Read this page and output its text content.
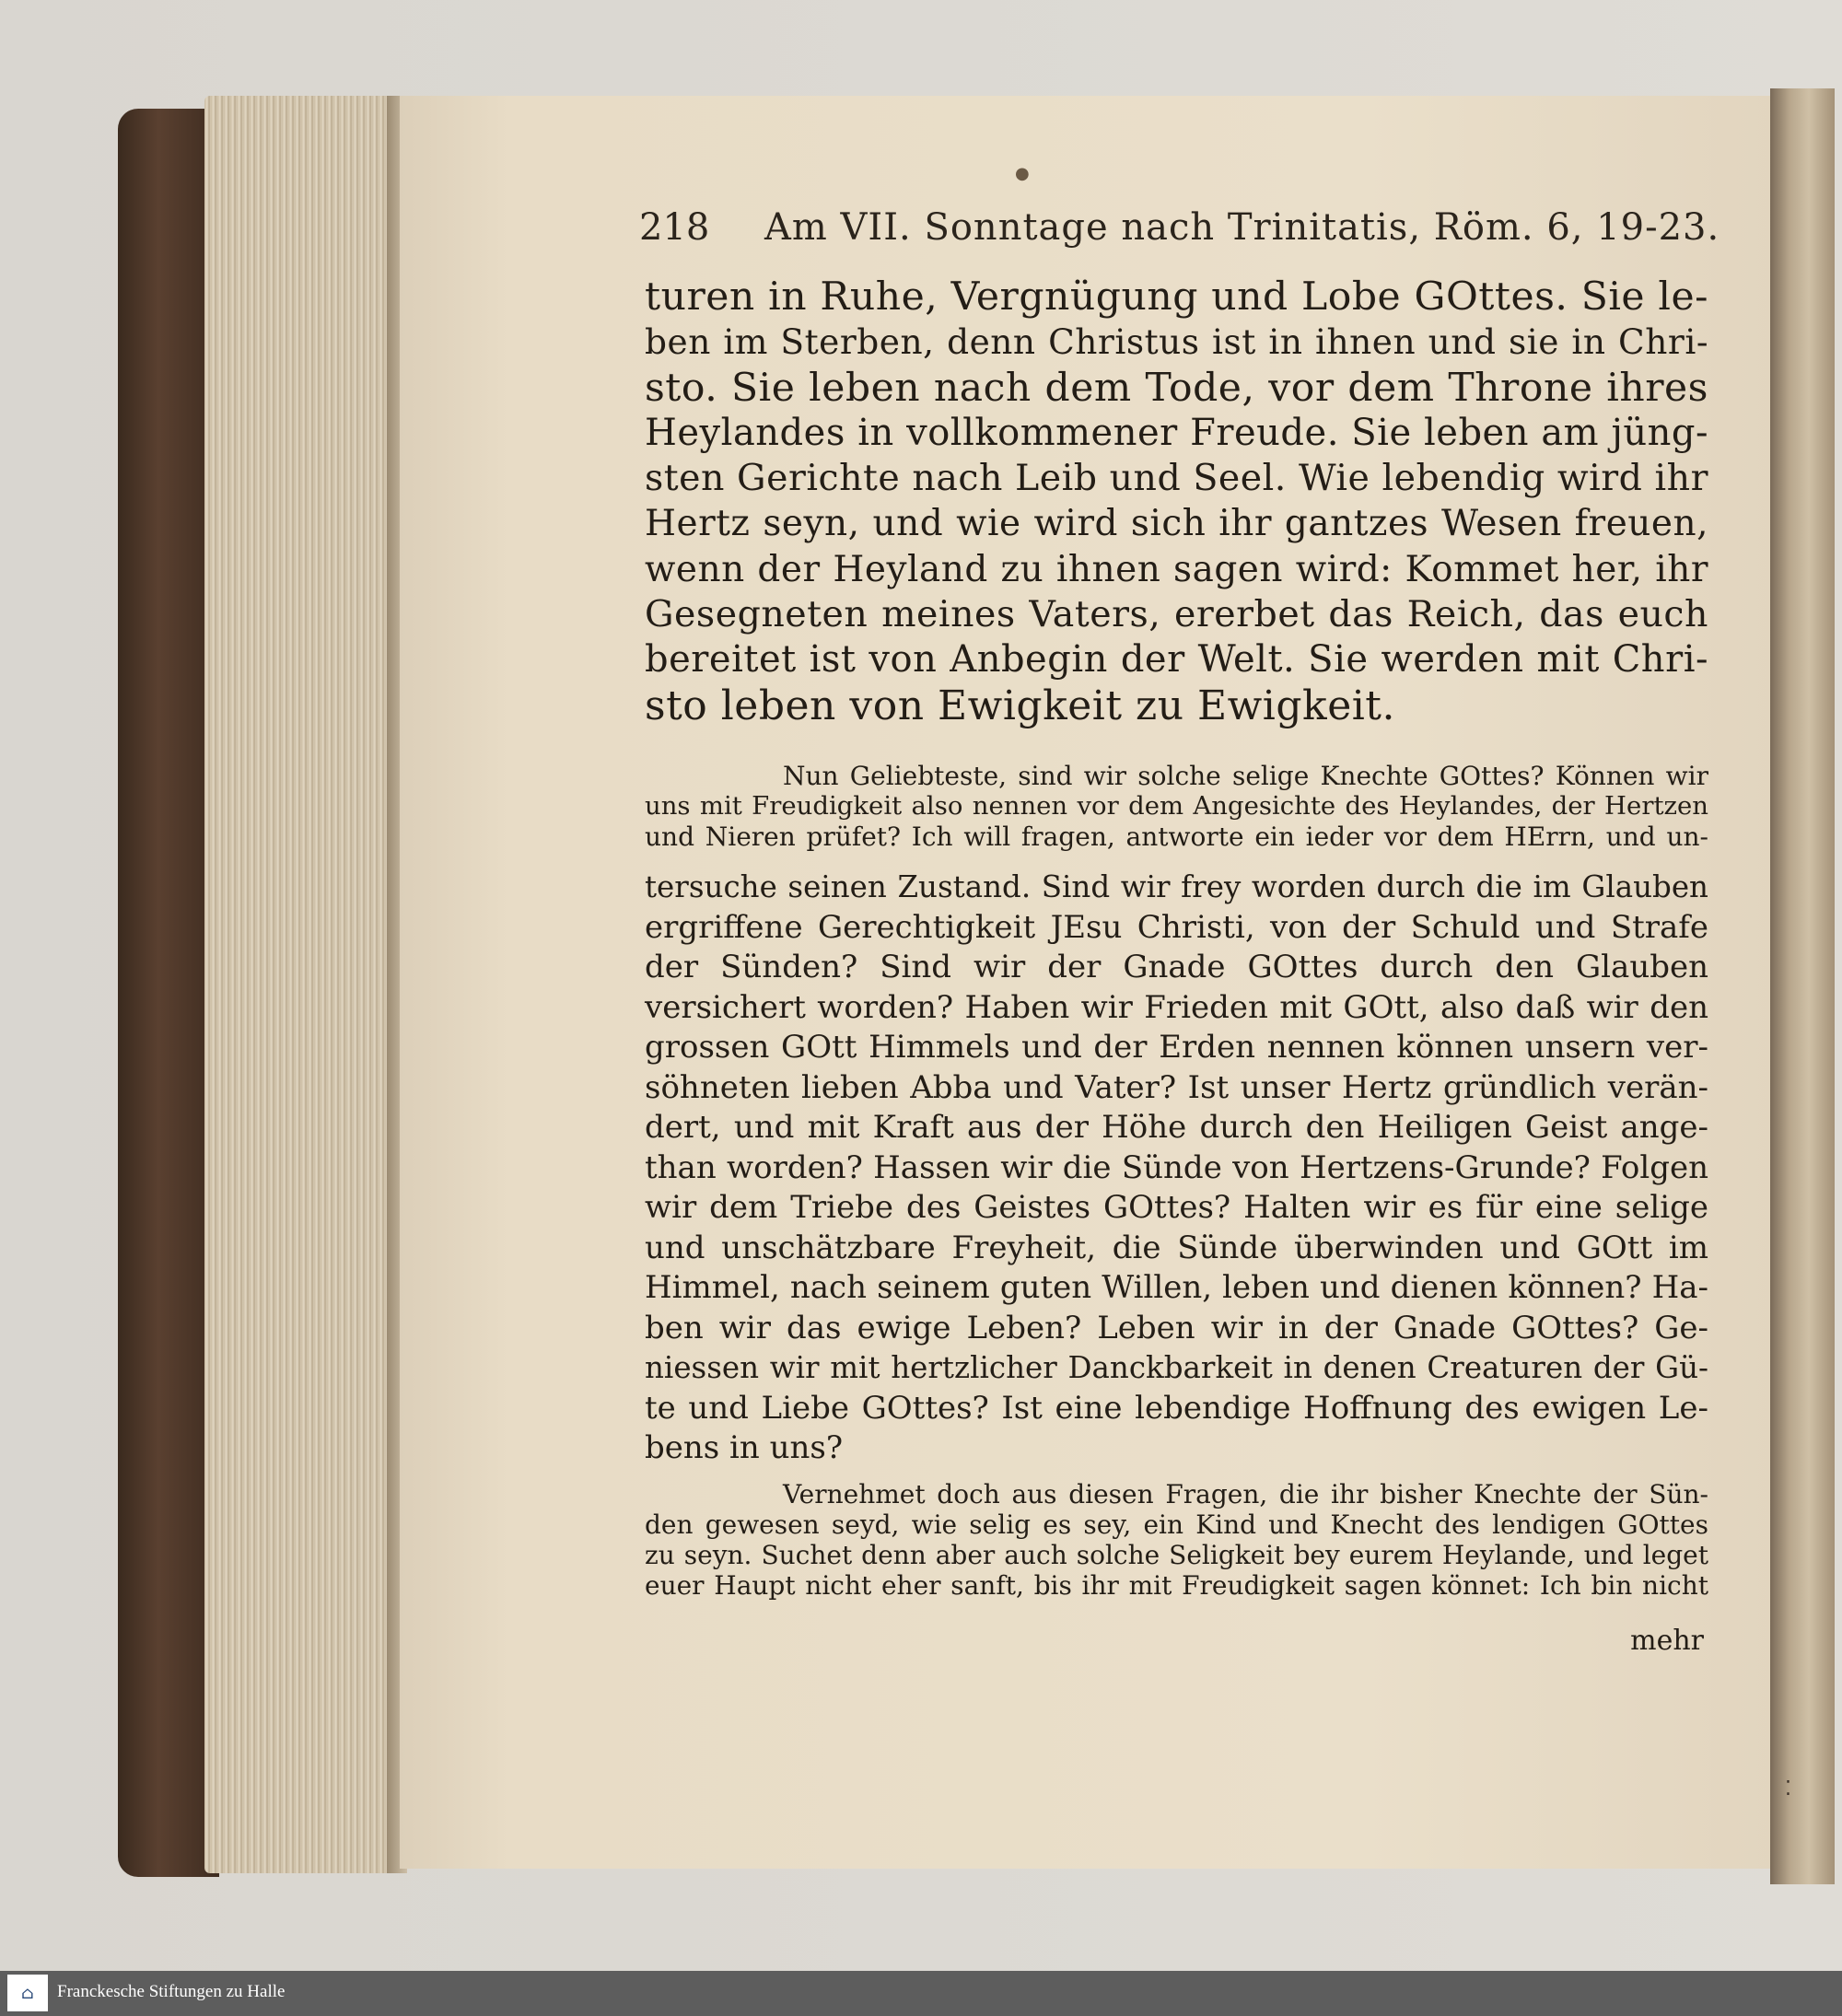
●
218 Am VII. Sonntage nach Trinitatis, Röm. 6, 19-23.
turen in Ruhe, Vergnügung und Lobe GOttes. Sie le-
ben im Sterben, denn Christus ist in ihnen und sie in Chri-
sto. Sie leben nach dem Tode, vor dem Throne ihres
Heylandes in vollkommener Freude. Sie leben am jüng-
sten Gerichte nach Leib und Seel. Wie lebendig wird ihr
Hertz seyn, und wie wird sich ihr gantzes Wesen freuen,
wenn der Heyland zu ihnen sagen wird: Kommet her, ihr
Gesegneten meines Vaters, ererbet das Reich, das euch
bereitet ist von Anbegin der Welt. Sie werden mit Chri-
sto leben von Ewigkeit zu Ewigkeit.
Nun Geliebteste, sind wir solche selige Knechte GOttes? Können wir
uns mit Freudigkeit also nennen vor dem Angesichte des Heylandes, der Hertzen
und Nieren prüfet? Ich will fragen, antworte ein ieder vor dem HErrn, und un-
tersuche seinen Zustand. Sind wir frey worden durch die im Glauben
ergriffene Gerechtigkeit JEsu Christi, von der Schuld und Strafe
der Sünden? Sind wir der Gnade GOttes durch den Glauben
versichert worden? Haben wir Frieden mit GOtt, also daß wir den
grossen GOtt Himmels und der Erden nennen können unsern ver-
söhneten lieben Abba und Vater? Ist unser Hertz gründlich verän-
dert, und mit Kraft aus der Höhe durch den Heiligen Geist ange-
than worden? Hassen wir die Sünde von Hertzens-Grunde? Folgen
wir dem Triebe des Geistes GOttes? Halten wir es für eine selige
und unschätzbare Freyheit, die Sünde überwinden und GOtt im
Himmel, nach seinem guten Willen, leben und dienen können? Ha-
ben wir das ewige Leben? Leben wir in der Gnade GOttes? Ge-
niessen wir mit hertzlicher Danckbarkeit in denen Creaturen der Gü-
te und Liebe GOttes? Ist eine lebendige Hoffnung des ewigen Le-
bens in uns?
Vernehmet doch aus diesen Fragen, die ihr bisher Knechte der Sün-
den gewesen seyd, wie selig es sey, ein Kind und Knecht des lendigen GOttes
zu seyn. Suchet denn aber auch solche Seligkeit bey eurem Heylande, und leget
euer Haupt nicht eher sanft, bis ihr mit Freudigkeit sagen könnet: Ich bin nicht
mehr
⁚
⌂ Franckesche Stiftungen zu Halle
